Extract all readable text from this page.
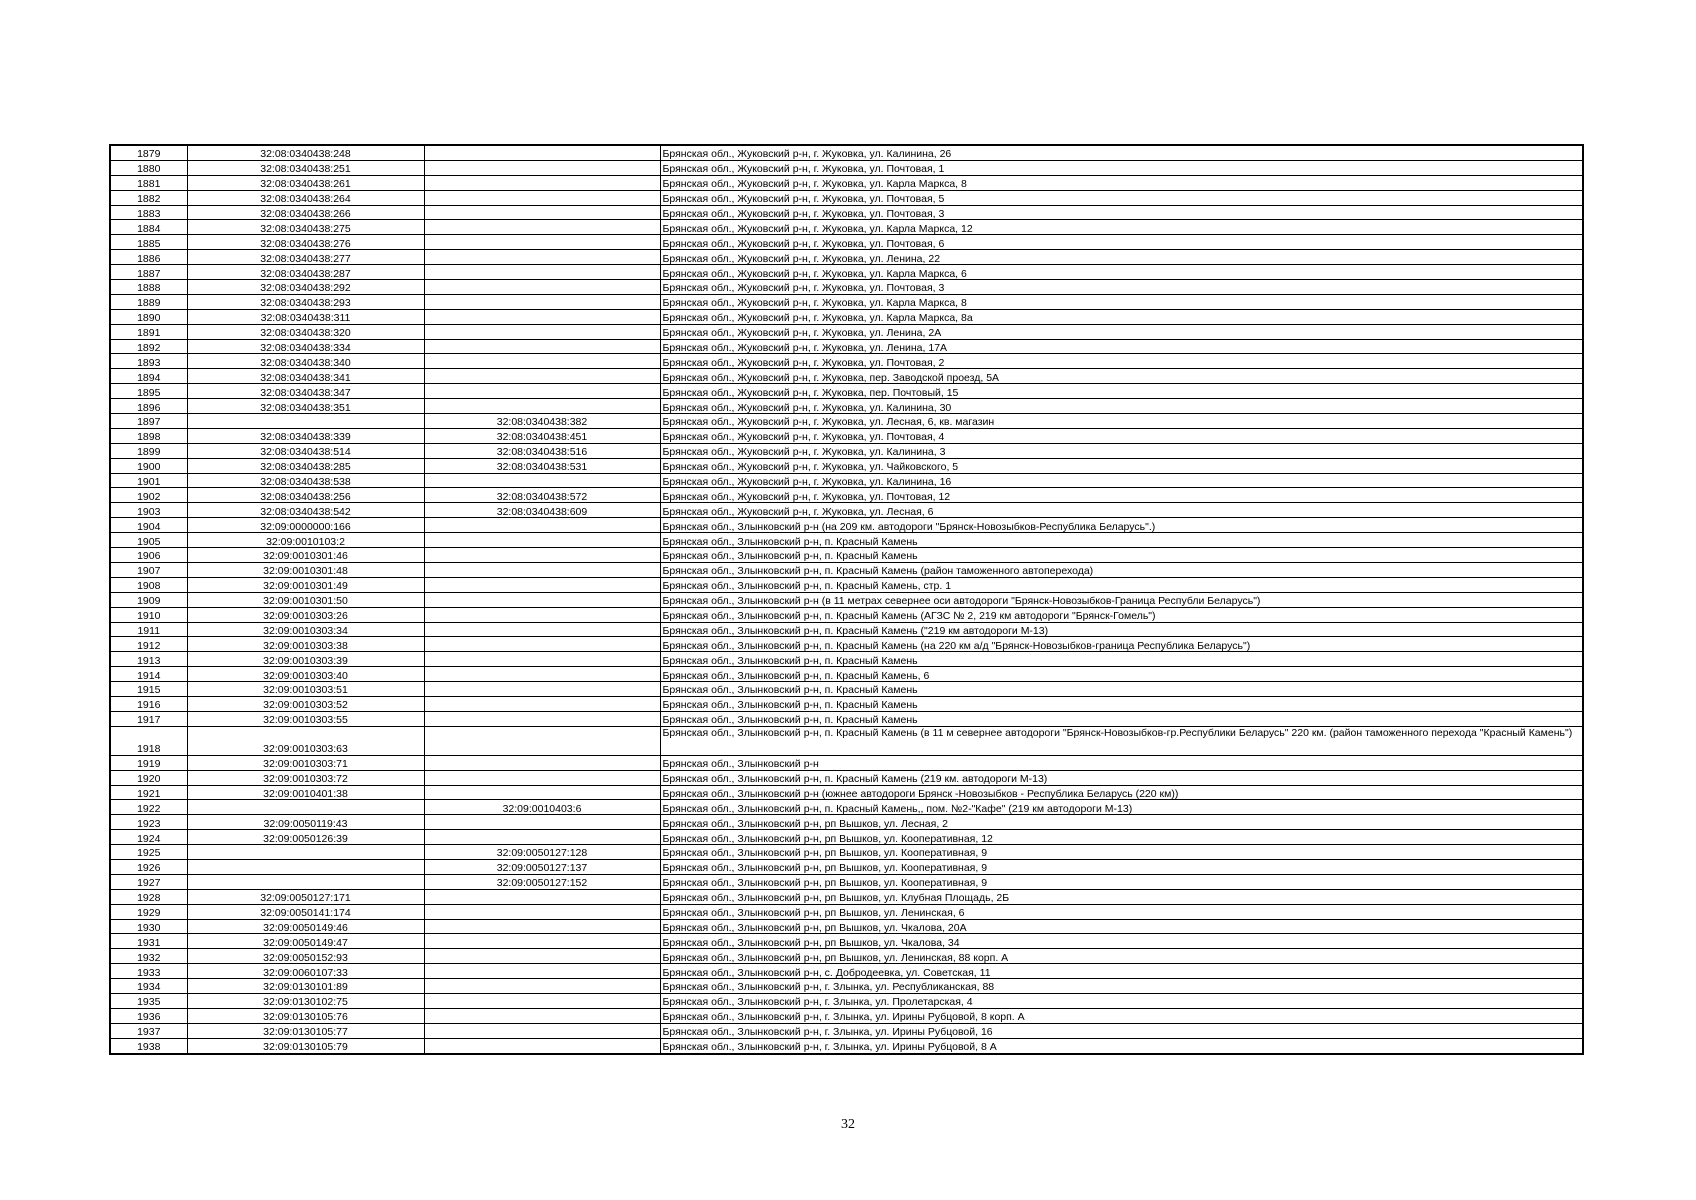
1879	32:08:0340438:248		Брянская обл., Жуковский р-н, г. Жуковка, ул. Калинина, 26
1880	32:08:0340438:251		Брянская обл., Жуковский р-н, г. Жуковка, ул. Почтовая, 1
1881	32:08:0340438:261		Брянская обл., Жуковский р-н, г. Жуковка, ул. Карла Маркса, 8
1882	32:08:0340438:264		Брянская обл., Жуковский р-н, г. Жуковка, ул. Почтовая, 5
1883	32:08:0340438:266		Брянская обл., Жуковский р-н, г. Жуковка, ул. Почтовая, 3
1884	32:08:0340438:275		Брянская обл., Жуковский р-н, г. Жуковка, ул. Карла Маркса, 12
1885	32:08:0340438:276		Брянская обл., Жуковский р-н, г. Жуковка, ул. Почтовая, 6
1886	32:08:0340438:277		Брянская обл., Жуковский р-н, г. Жуковка, ул. Ленина, 22
1887	32:08:0340438:287		Брянская обл., Жуковский р-н, г. Жуковка, ул. Карла Маркса, 6
1888	32:08:0340438:292		Брянская обл., Жуковский р-н, г. Жуковка, ул. Почтовая, 3
1889	32:08:0340438:293		Брянская обл., Жуковский р-н, г. Жуковка, ул. Карла Маркса, 8
1890	32:08:0340438:311		Брянская обл., Жуковский р-н, г. Жуковка, ул. Карла Маркса, 8а
1891	32:08:0340438:320		Брянская обл., Жуковский р-н, г. Жуковка, ул. Ленина, 2А
1892	32:08:0340438:334		Брянская обл., Жуковский р-н, г. Жуковка, ул. Ленина, 17А
1893	32:08:0340438:340		Брянская обл., Жуковский р-н, г. Жуковка, ул. Почтовая, 2
1894	32:08:0340438:341		Брянская обл., Жуковский р-н, г. Жуковка, пер. Заводской проезд, 5А
1895	32:08:0340438:347		Брянская обл., Жуковский р-н, г. Жуковка, пер. Почтовый, 15
1896	32:08:0340438:351		Брянская обл., Жуковский р-н, г. Жуковка, ул. Калинина, 30
1897		32:08:0340438:382	Брянская обл., Жуковский р-н, г. Жуковка, ул. Лесная, 6, кв. магазин
1898	32:08:0340438:339	32:08:0340438:451	Брянская обл., Жуковский р-н, г. Жуковка, ул. Почтовая, 4
1899	32:08:0340438:514	32:08:0340438:516	Брянская обл., Жуковский р-н, г. Жуковка, ул. Калинина, 3
1900	32:08:0340438:285	32:08:0340438:531	Брянская обл., Жуковский р-н, г. Жуковка, ул. Чайковского, 5
1901	32:08:0340438:538		Брянская обл., Жуковский р-н, г. Жуковка, ул. Калинина, 16
1902	32:08:0340438:256	32:08:0340438:572	Брянская обл., Жуковский р-н, г. Жуковка, ул. Почтовая, 12
1903	32:08:0340438:542	32:08:0340438:609	Брянская обл., Жуковский р-н, г. Жуковка, ул. Лесная, 6
1904	32:09:0000000:166		Брянская обл., Злынковский р-н (на 209 км. автодороги "Брянск-Новозыбков-Республика Беларусь".)
1905	32:09:0010103:2		Брянская обл., Злынковский р-н, п. Красный Камень
1906	32:09:0010301:46		Брянская обл., Злынковский р-н, п. Красный Камень
1907	32:09:0010301:48		Брянская обл., Злынковский р-н, п. Красный Камень (район таможенного автоперехода)
1908	32:09:0010301:49		Брянская обл., Злынковский р-н, п. Красный Камень, стр. 1
1909	32:09:0010301:50		Брянская обл., Злынковский р-н (в 11 метрах севернее оси автодороги "Брянск-Новозыбков-Граница Республи Беларусь")
1910	32:09:0010303:26		Брянская обл., Злынковский р-н, п. Красный Камень (АГЗС № 2, 219 км автодороги "Брянск-Гомель")
1911	32:09:0010303:34		Брянская обл., Злынковский р-н, п. Красный Камень ("219 км автодороги М-13)
1912	32:09:0010303:38		Брянская обл., Злынковский р-н, п. Красный Камень (на 220 км а/д "Брянск-Новозыбков-граница Республика Беларусь")
1913	32:09:0010303:39		Брянская обл., Злынковский р-н, п. Красный Камень
1914	32:09:0010303:40		Брянская обл., Злынковский р-н, п. Красный Камень, 6
1915	32:09:0010303:51		Брянская обл., Злынковский р-н, п. Красный Камень
1916	32:09:0010303:52		Брянская обл., Злынковский р-н, п. Красный Камень
1917	32:09:0010303:55		Брянская обл., Злынковский р-н, п. Красный Камень
1918	32:09:0010303:63		Брянская обл., Злынковский р-н, п. Красный Камень (в 11 м севернее автодороги "Брянск-Новозыбков-гр.Республики Беларусь" 220 км. (район таможенного перехода "Красный Камень")
1919	32:09:0010303:71		Брянская обл., Злынковский р-н
1920	32:09:0010303:72		Брянская обл., Злынковский р-н, п. Красный Камень (219 км. автодороги М-13)
1921	32:09:0010401:38		Брянская обл., Злынковский р-н (южнее автодороги Брянск -Новозыбков - Республика Беларусь (220 км))
1922		32:09:0010403:6	Брянская обл., Злынковский р-н, п. Красный Камень,, пом. №2-"Кафе" (219 км автодороги М-13)
1923	32:09:0050119:43		Брянская обл., Злынковский р-н, рп Вышков, ул. Лесная, 2
1924	32:09:0050126:39		Брянская обл., Злынковский р-н, рп Вышков, ул. Кооперативная, 12
1925		32:09:0050127:128	Брянская обл., Злынковский р-н, рп Вышков, ул. Кооперативная, 9
1926		32:09:0050127:137	Брянская обл., Злынковский р-н, рп Вышков, ул. Кооперативная, 9
1927		32:09:0050127:152	Брянская обл., Злынковский р-н, рп Вышков, ул. Кооперативная, 9
1928	32:09:0050127:171		Брянская обл., Злынковский р-н, рп Вышков, ул. Клубная Площадь, 2Б
1929	32:09:0050141:174		Брянская обл., Злынковский р-н, рп Вышков, ул. Ленинская, 6
1930	32:09:0050149:46		Брянская обл., Злынковский р-н, рп Вышков, ул. Чкалова, 20А
1931	32:09:0050149:47		Брянская обл., Злынковский р-н, рп Вышков, ул. Чкалова, 34
1932	32:09:0050152:93		Брянская обл., Злынковский р-н, рп Вышков, ул. Ленинская, 88 корп. А
1933	32:09:0060107:33		Брянская обл., Злынковский р-н, с. Добродеевка, ул. Советская, 11
1934	32:09:0130101:89		Брянская обл., Злынковский р-н, г. Злынка, ул. Республиканская, 88
1935	32:09:0130102:75		Брянская обл., Злынковский р-н, г. Злынка, ул. Пролетарская, 4
1936	32:09:0130105:76		Брянская обл., Злынковский р-н, г. Злынка, ул. Ирины Рубцовой, 8 корп. А
1937	32:09:0130105:77		Брянская обл., Злынковский р-н, г. Злынка, ул. Ирины Рубцовой, 16
1938	32:09:0130105:79		Брянская обл., Злынковский р-н, г. Злынка, ул. Ирины Рубцовой, 8 А
32
